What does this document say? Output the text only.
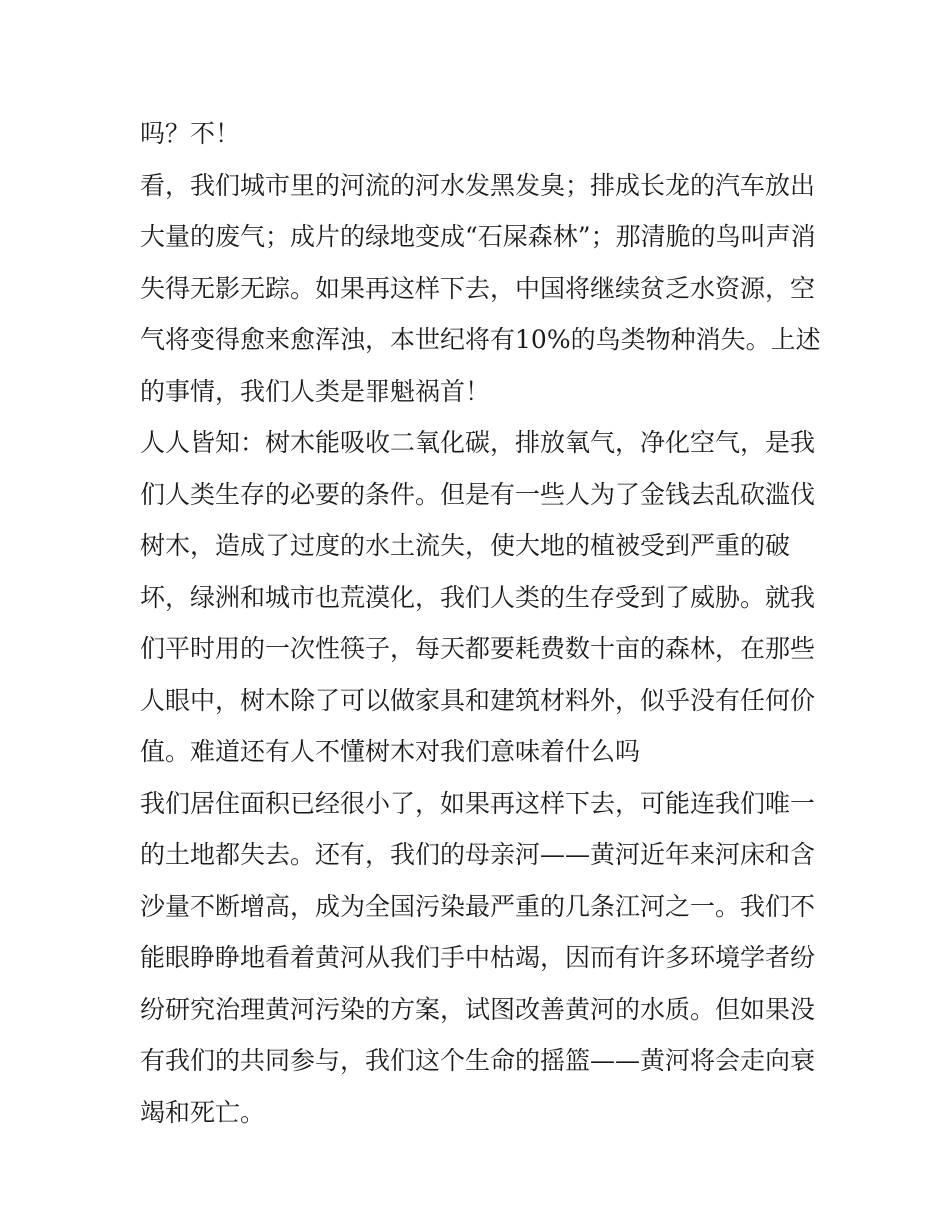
吗？不！
看，我们城市里的河流的河水发黑发臭；排成长龙的汽车放出
大量的废气；成片的绿地变成“石屎森林”；那清脆的鸟叫声消
失得无影无踪。如果再这样下去，中国将继续贫乏水资源，空
气将变得愈来愈浑浊，本世纪将有10%的鸟类物种消失。上述
的事情，我们人类是罪魁祸首！
人人皆知：树木能吸收二氧化碳，排放氧气，净化空气，是我
们人类生存的必要的条件。但是有一些人为了金钱去乱砍滥伐
树木，造成了过度的水土流失，使大地的植被受到严重的破
坏，绿洲和城市也荒漠化，我们人类的生存受到了威胁。就我
们平时用的一次性筷子，每天都要耗费数十亩的森林，在那些
人眼中，树木除了可以做家具和建筑材料外，似乎没有任何价
值。难道还有人不懂树木对我们意味着什么吗
我们居住面积已经很小了，如果再这样下去，可能连我们唯一
的土地都失去。还有，我们的母亲河——黄河近年来河床和含
沙量不断增高，成为全国污染最严重的几条江河之一。我们不
能眼睁睁地看着黄河从我们手中枯竭，因而有许多环境学者纷
纷研究治理黄河污染的方案，试图改善黄河的水质。但如果没
有我们的共同参与，我们这个生命的摇篮——黄河将会走向衰
竭和死亡。
